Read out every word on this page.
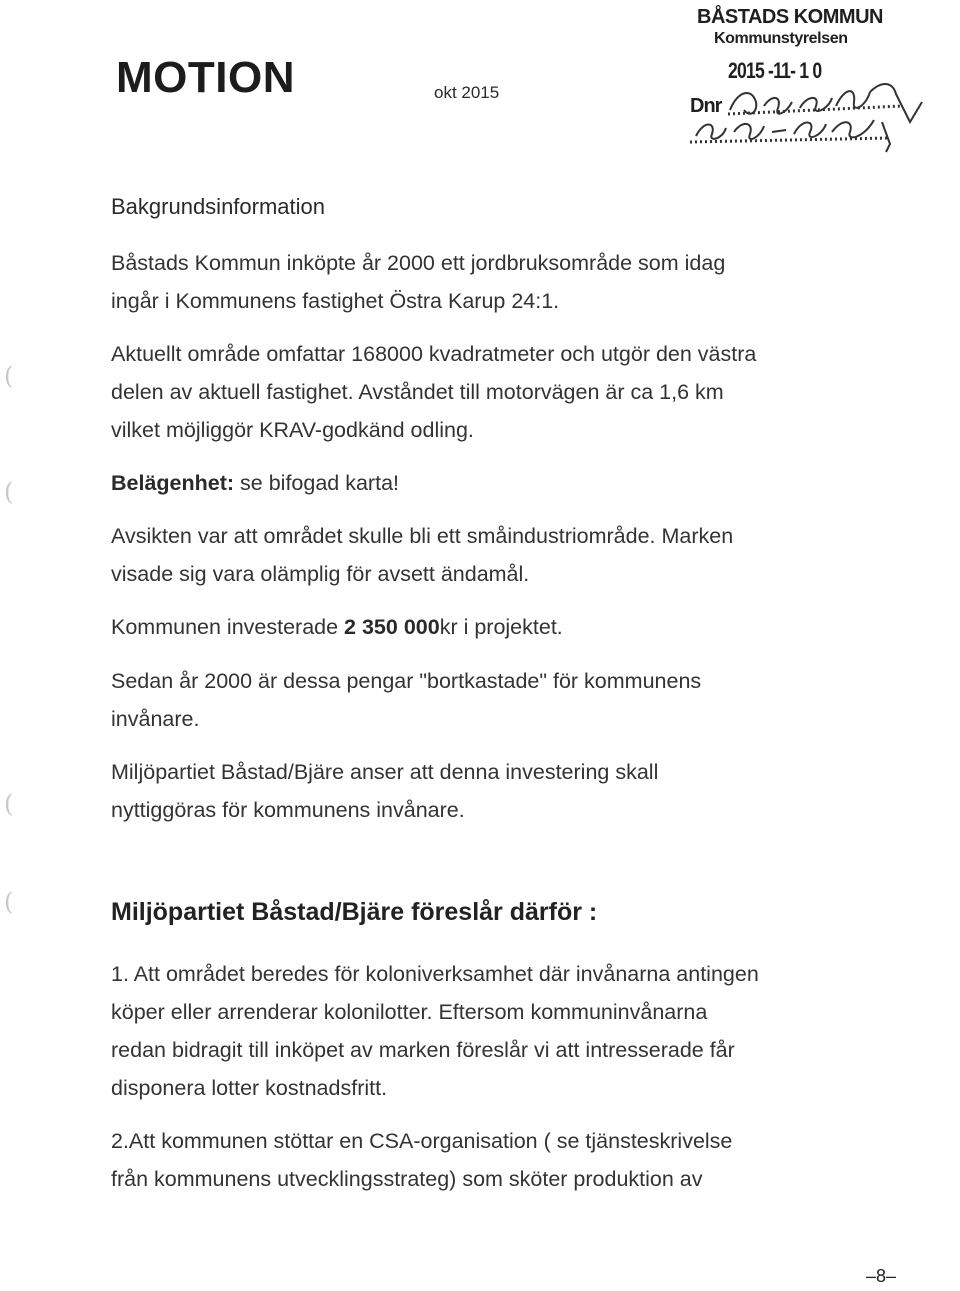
MOTION	okt 2015
BÅSTADS KOMMUN
Kommunstyrelsen
2015 -11- 1 0
Dnr
Bakgrundsinformation
Båstads Kommun inköpte år 2000 ett jordbruksområde som idag
ingår i Kommunens fastighet Östra Karup 24:1.
Aktuellt område omfattar 168000 kvadratmeter och utgör den västra
delen av aktuell fastighet. Avståndet till motorvägen är ca 1,6 km
vilket möjliggör KRAV-godkänd odling.
Belägenhet: se bifogad karta!
Avsikten var att området skulle bli ett småindustriområde. Marken
visade sig vara olämplig för avsett ändamål.
Kommunen investerade 2 350 000kr i projektet.
Sedan år 2000 är dessa pengar "bortkastade" för kommunens
invånare.
Miljöpartiet Båstad/Bjäre anser att denna investering skall
nyttiggöras för kommunens invånare.
Miljöpartiet Båstad/Bjäre föreslår därför :
1. Att området beredes för koloniverksamhet där invånarna antingen
köper eller arrenderar kolonilotter. Eftersom kommuninvånarna
redan bidragit till inköpet av marken föreslår vi att intresserade får
disponera lotter kostnadsfritt.
2.Att kommunen stöttar en CSA-organisation ( se tjänsteskrivelse
från kommunens utvecklingsstrateg) som sköter produktion av
(
(
(
(
–8–
